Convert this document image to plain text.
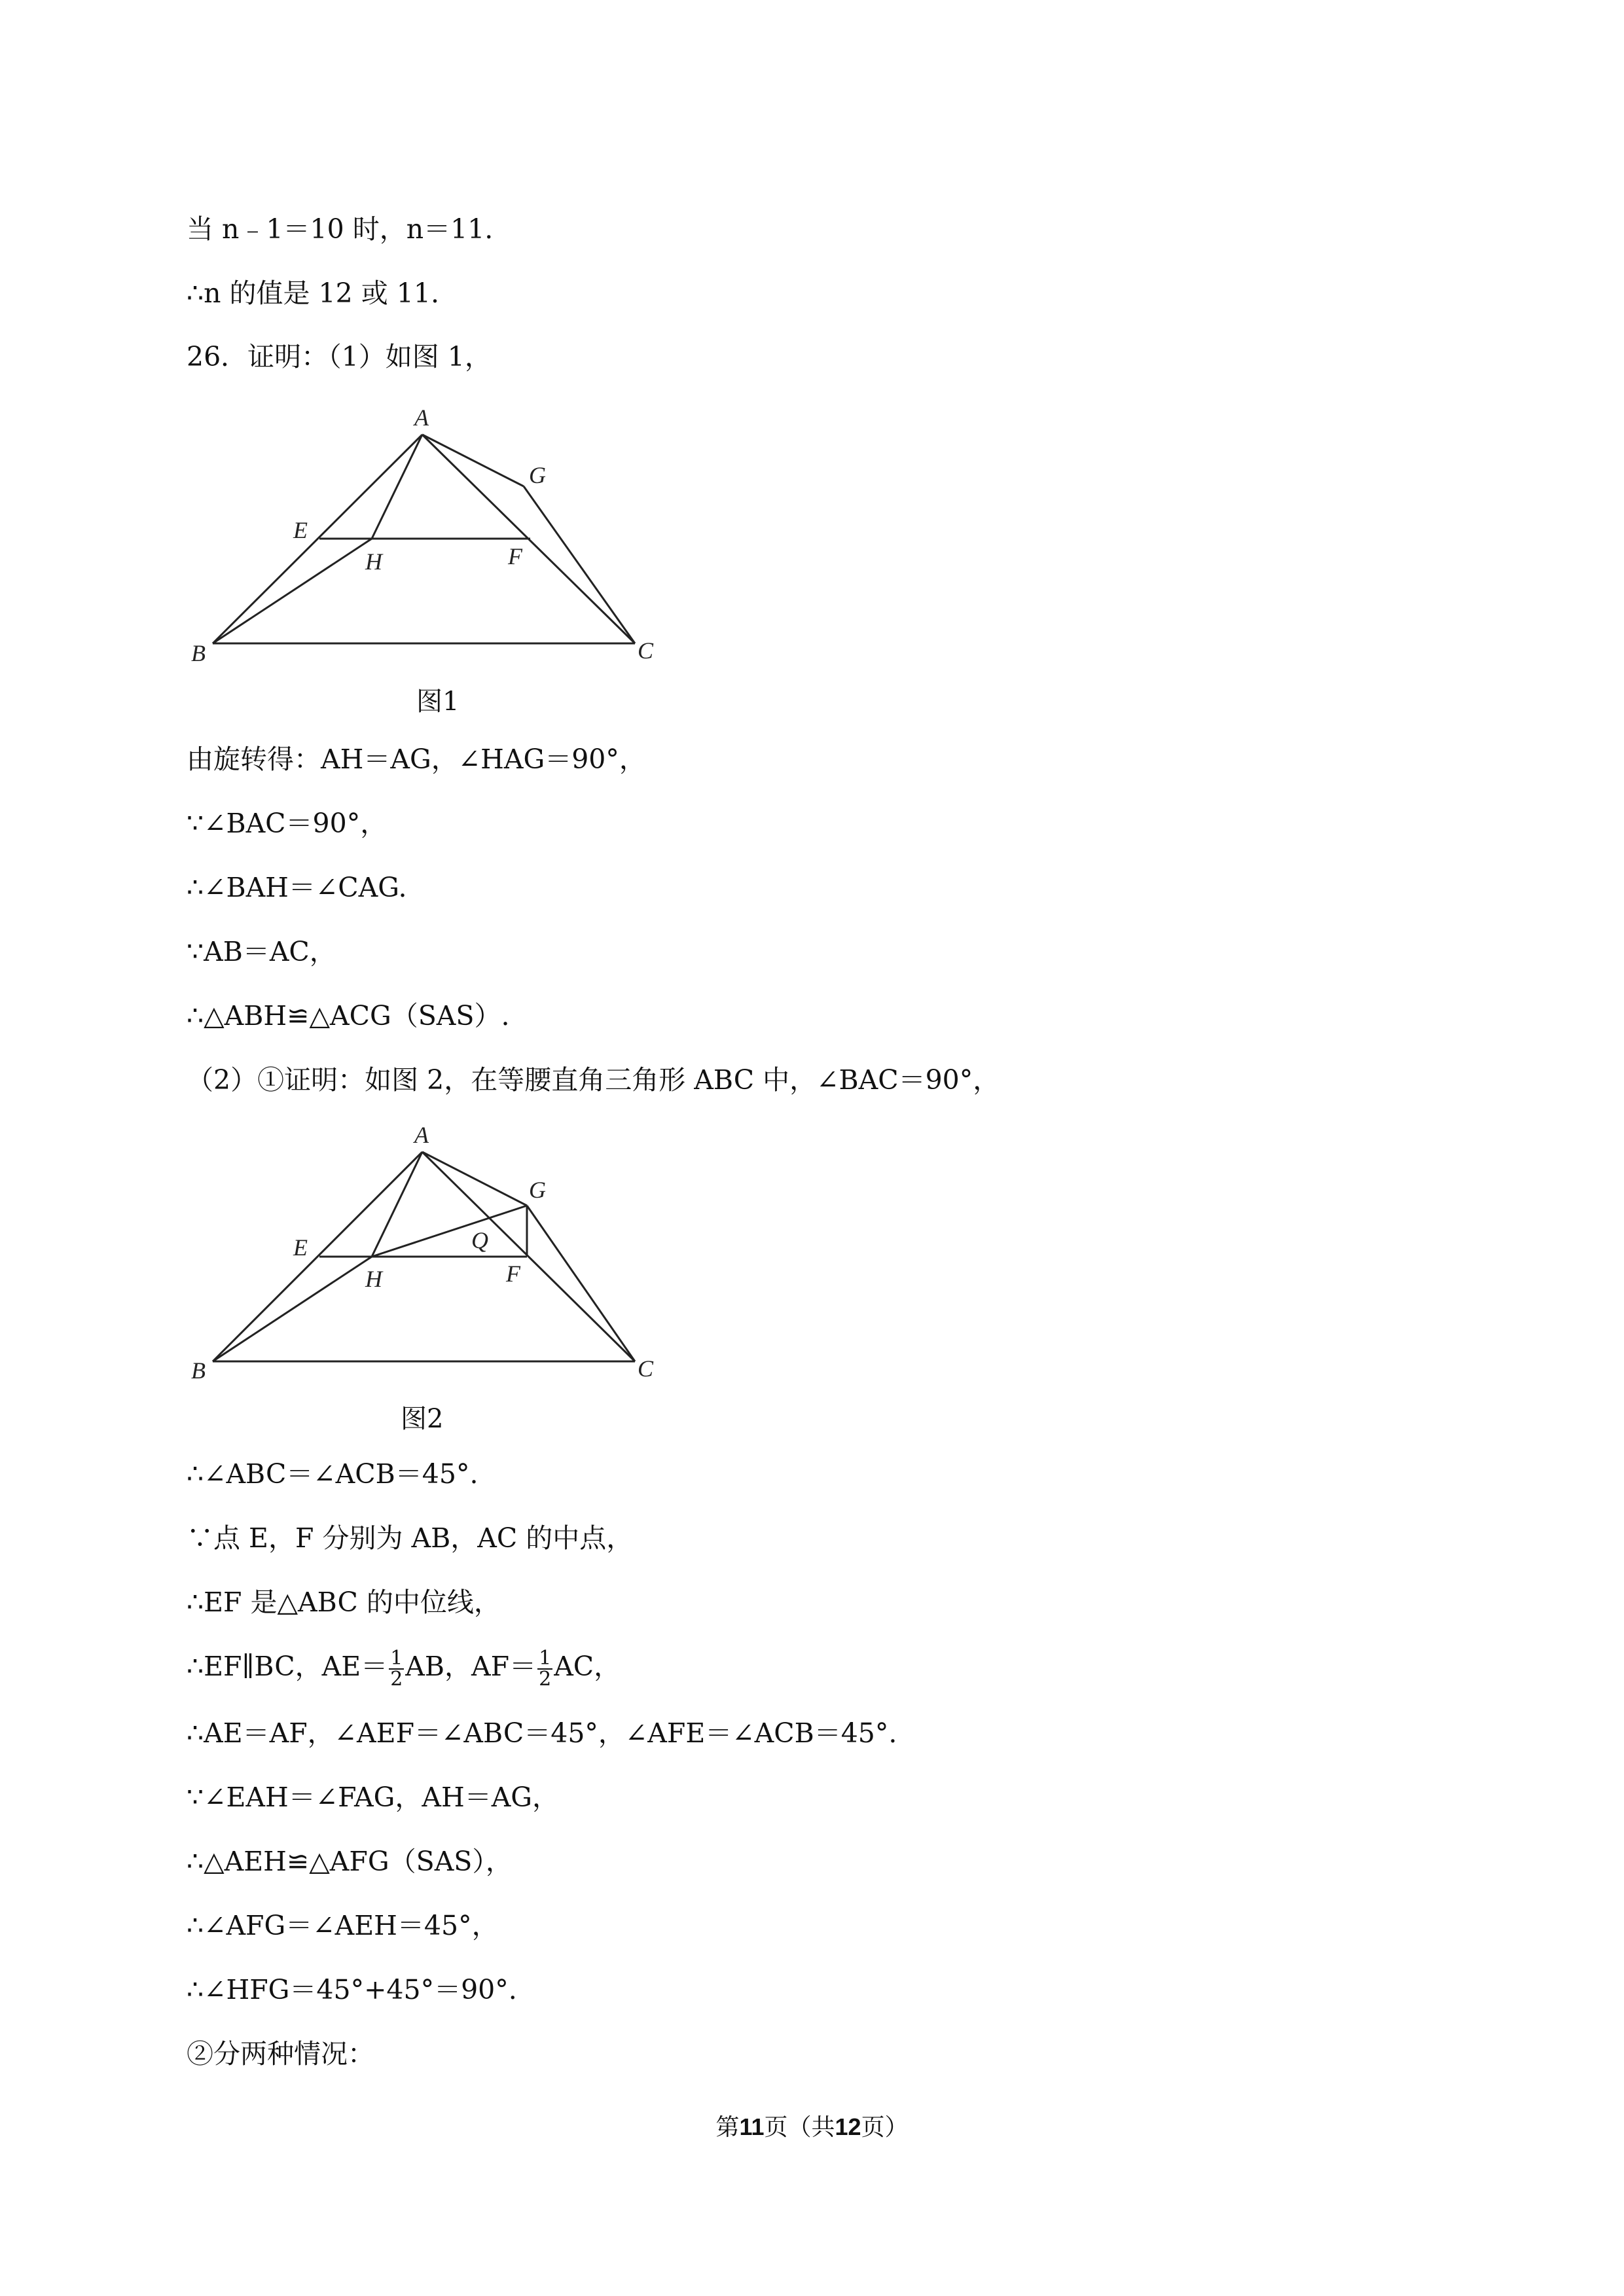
当 n﹣1＝10 时，n＝11.
∴n 的值是 12 或 11.
26．证明：（1）如图 1，
A
G
E
H	F
B	C
图1
由旋转得：AH＝AG，∠HAG＝90°，
∵∠BAC＝90°，
∴∠BAH＝∠CAG.
∵AB＝AC，
∴△ABH≌△ACG（SAS）.
（2）①证明：如图 2，在等腰直角三角形 ABC 中，∠BAC＝90°，
A
G
E	Q
H	F
B	C
图2
∴∠ABC＝∠ACB＝45°.
∵点 E，F 分别为 AB，AC 的中点，
∴EF 是△ABC 的中位线，
∴EF∥BC，$AE= \frac{1}{2}$ AB，$AF= \frac{1}{2}$ AC，
∴AE＝AF，∠AEF＝∠ABC＝45°，∠AFE＝∠ACB＝45°.
∵∠EAH＝∠FAG，AH＝AG，
∴△AEH≌△AFG（SAS），
∴∠AFG＝∠AEH＝45°，
∴∠HFG＝45°+45°＝90°.
②分两种情况：
第11页（共12页）
